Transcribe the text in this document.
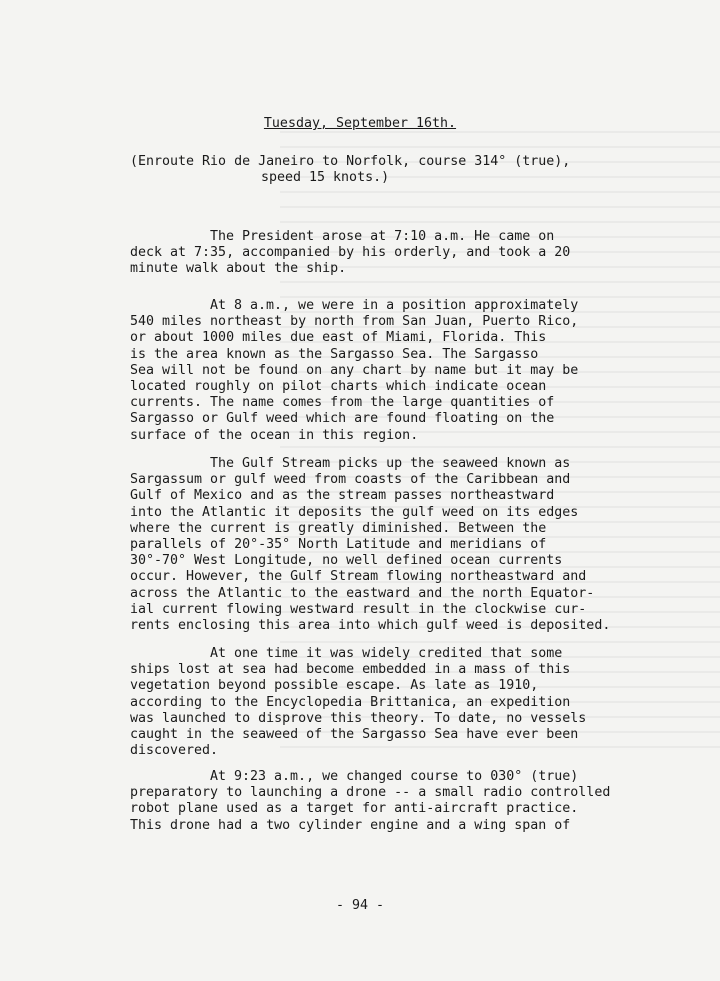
Tuesday, September 16th.
(Enroute Rio de Janeiro to Norfolk, course 314° (true),
speed 15 knots.)
The President arose at 7:10 a.m. He came on
deck at 7:35, accompanied by his orderly, and took a 20
minute walk about the ship.
At 8 a.m., we were in a position approximately
540 miles northeast by north from San Juan, Puerto Rico,
or about 1000 miles due east of Miami, Florida. This
is the area known as the Sargasso Sea. The Sargasso
Sea will not be found on any chart by name but it may be
located roughly on pilot charts which indicate ocean
currents. The name comes from the large quantities of
Sargasso or Gulf weed which are found floating on the
surface of the ocean in this region.
The Gulf Stream picks up the seaweed known as
Sargassum or gulf weed from coasts of the Caribbean and
Gulf of Mexico and as the stream passes northeastward
into the Atlantic it deposits the gulf weed on its edges
where the current is greatly diminished. Between the
parallels of 20°-35° North Latitude and meridians of
30°-70° West Longitude, no well defined ocean currents
occur. However, the Gulf Stream flowing northeastward and
across the Atlantic to the eastward and the north Equator-
ial current flowing westward result in the clockwise cur-
rents enclosing this area into which gulf weed is deposited.
At one time it was widely credited that some
ships lost at sea had become embedded in a mass of this
vegetation beyond possible escape. As late as 1910,
according to the Encyclopedia Brittanica, an expedition
was launched to disprove this theory. To date, no vessels
caught in the seaweed of the Sargasso Sea have ever been
discovered.
At 9:23 a.m., we changed course to 030° (true)
preparatory to launching a drone -- a small radio controlled
robot plane used as a target for anti-aircraft practice.
This drone had a two cylinder engine and a wing span of
- 94 -
